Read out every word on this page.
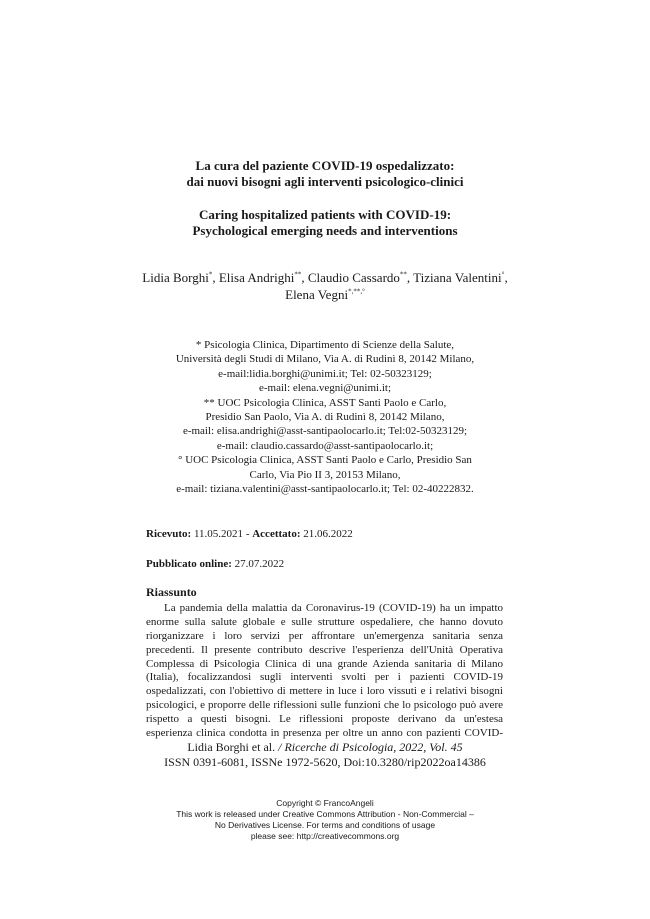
La cura del paziente COVID-19 ospedalizzato:
dai nuovi bisogni agli interventi psicologico-clinici
Caring hospitalized patients with COVID-19:
Psychological emerging needs and interventions
Lidia Borghi*, Elisa Andrighi**, Claudio Cassardo**, Tiziana Valentini°,
Elena Vegni*,**,°
* Psicologia Clinica, Dipartimento di Scienze della Salute,
Università degli Studi di Milano, Via A. di Rudinì 8, 20142 Milano,
e-mail:lidia.borghi@unimi.it; Tel: 02-50323129;
e-mail: elena.vegni@unimi.it;
** UOC Psicologia Clinica, ASST Santi Paolo e Carlo,
Presidio San Paolo, Via A. di Rudinì 8, 20142 Milano,
e-mail: elisa.andrighi@asst-santipaolocarlo.it; Tel:02-50323129;
e-mail: claudio.cassardo@asst-santipaolocarlo.it;
° UOC Psicologia Clinica, ASST Santi Paolo e Carlo, Presidio San
Carlo, Via Pio II 3, 20153 Milano,
e-mail: tiziana.valentini@asst-santipaolocarlo.it; Tel: 02-40222832.
Ricevuto: 11.05.2021 - Accettato: 21.06.2022
Pubblicato online: 27.07.2022
Riassunto
La pandemia della malattia da Coronavirus-19 (COVID-19) ha un impatto
enorme sulla salute globale e sulle strutture ospedaliere, che hanno dovuto
riorganizzare i loro servizi per affrontare un'emergenza sanitaria senza
precedenti. Il presente contributo descrive l'esperienza dell'Unità Operativa
Complessa di Psicologia Clinica di una grande Azienda sanitaria di Milano
(Italia), focalizzandosi sugli interventi svolti per i pazienti COVID-19
ospedalizzati, con l'obiettivo di mettere in luce i loro vissuti e i relativi bisogni
psicologici, e proporre delle riflessioni sulle funzioni che lo psicologo può avere
rispetto a questi bisogni. Le riflessioni proposte derivano da un'estesa
esperienza clinica condotta in presenza per oltre un anno con pazienti COVID-
Lidia Borghi et al. / Ricerche di Psicologia, 2022, Vol. 45
ISSN 0391-6081, ISSNe 1972-5620, Doi:10.3280/rip2022oa14386
Copyright © FrancoAngeli
This work is released under Creative Commons Attribution - Non-Commercial –
No Derivatives License. For terms and conditions of usage
please see: http://creativecommons.org
